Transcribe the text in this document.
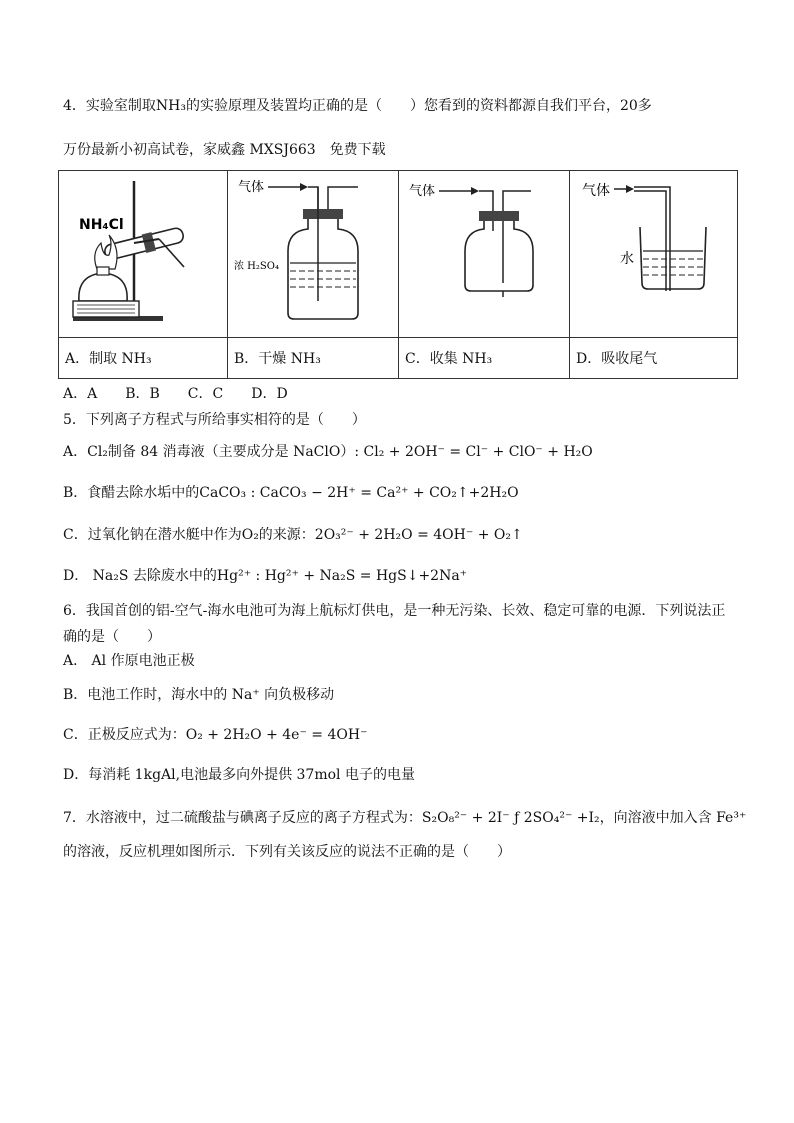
4．实验室制取NH₃的实验原理及装置均正确的是（　　）您看到的资料都源自我们平台，20多
万份最新小初高试卷，家威鑫 MXSJ663　免费下载
NH₄Cl	气体
浓 H₂SO₄	气体	气体
水

A．制取 NH₃	B．干燥 NH₃	C．收集 NH₃	D．吸收尾气
A．A　　B．B　　C．C　　D．D
5．下列离子方程式与所给事实相符的是（　　）
A．Cl₂制备 84 消毒液（主要成分是 NaClO）: Cl₂ + 2OH⁻ = Cl⁻ + ClO⁻ + H₂O
B．食醋去除水垢中的CaCO₃ : CaCO₃ − 2H⁺ = Ca²⁺ + CO₂↑+2H₂O
C．过氧化钠在潜水艇中作为O₂的来源：2O₃²⁻ + 2H₂O = 4OH⁻ + O₂↑
D． Na₂S 去除废水中的Hg²⁺ : Hg²⁺ + Na₂S = HgS↓+2Na⁺
6．我国首创的铝-空气-海水电池可为海上航标灯供电，是一种无污染、长效、稳定可靠的电源．下列说法正
确的是（　　）
A． Al 作原电池正极
B．电池工作时，海水中的 Na⁺ 向负极移动
C．正极反应式为：O₂ + 2H₂O + 4e⁻ = 4OH⁻
D．每消耗 1kgAl,电池最多向外提供 37mol 电子的电量
7．水溶液中，过二硫酸盐与碘离子反应的离子方程式为：S₂O₈²⁻ + 2I⁻ ƒ 2SO₄²⁻ +I₂，向溶液中加入含 Fe³⁺
的溶液，反应机理如图所示．下列有关该反应的说法不正确的是（　　）
